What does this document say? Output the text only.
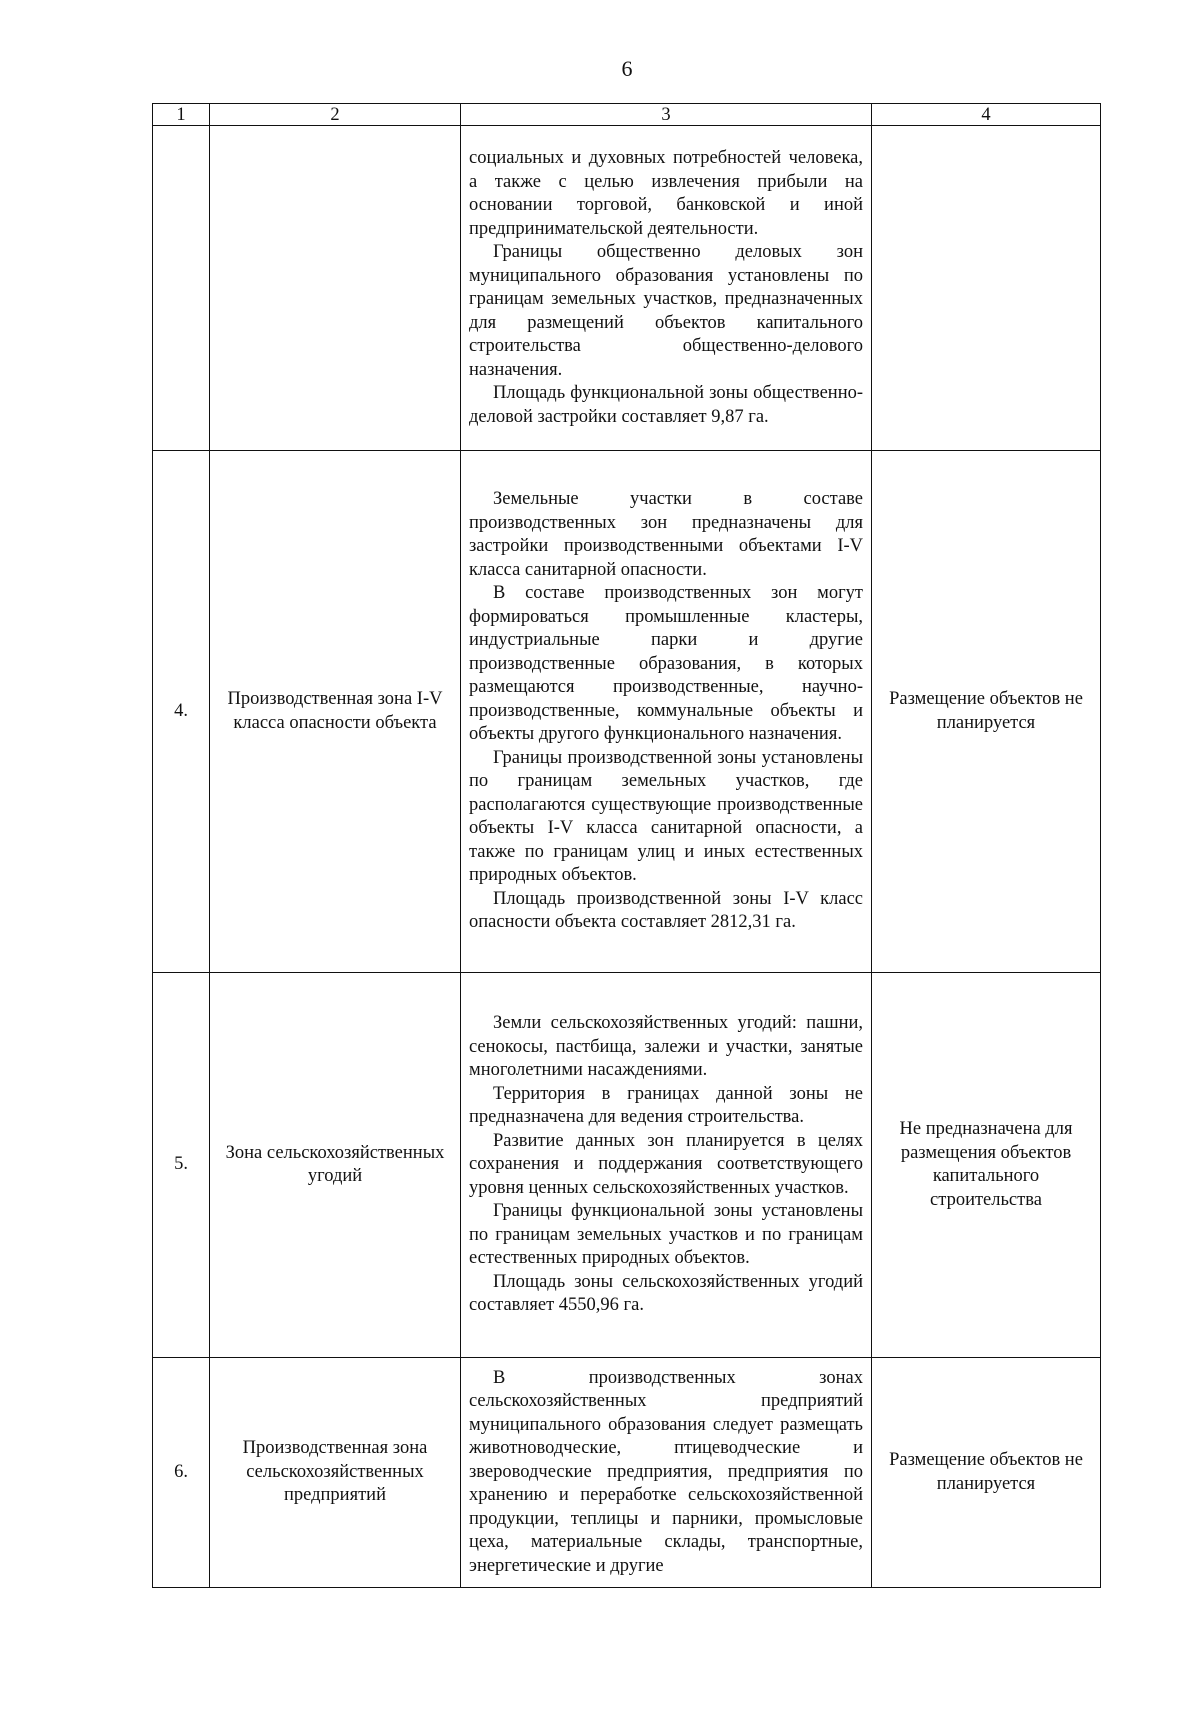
6
1	2	3	4

		социальных и духовных потребностей человека, а также с целью извлечения прибыли на основании торговой, банковской и иной предпринимательской деятельности.

Границы общественно деловых зон муниципального образования установлены по границам земельных участков, предназначенных для размещений объектов капитального строительства общественно-делового назначения.

Площадь функциональной зоны общественно-деловой застройки составляет 9,87 га.	

4.	Производственная зона I-V класса опасности объекта	Земельные участки в составе производственных зон предназначены для застройки производственными объектами I-V класса санитарной опасности.

В составе производственных зон могут формироваться промышленные кластеры, индустриальные парки и другие производственные образования, в которых размещаются производственные, научно-производственные, коммунальные объекты и объекты другого функционального назначения.

Границы производственной зоны установлены по границам земельных участков, где располагаются существующие производственные объекты I-V класса санитарной опасности, а также по границам улиц и иных естественных природных объектов.

Площадь производственной зоны I-V класс опасности объекта составляет 2812,31 га.	Размещение объектов не планируется
5.	Зона сельскохозяйственных угодий	Земли сельскохозяйственных угодий: пашни, сенокосы, пастбища, залежи и участки, занятые многолетними насаждениями.

Территория в границах данной зоны не предназначена для ведения строительства.

Развитие данных зон планируется в целях сохранения и поддержания соответствующего уровня ценных сельскохозяйственных участков.

Границы функциональной зоны установлены по границам земельных участков и по границам естественных природных объектов.

Площадь зоны сельскохозяйственных угодий составляет 4550,96 га.	Не предназначена для размещения объектов капитального строительства
6.	Производственная зона сельскохозяйственных предприятий	В производственных зонах сельскохозяйственных предприятий муниципального образования следует размещать животноводческие, птицеводческие и звероводческие предприятия, предприятия по хранению и переработке сельскохозяйственной продукции, теплицы и парники, промысловые цеха, материальные склады, транспортные, энергетические и другие	Размещение объектов не планируется
